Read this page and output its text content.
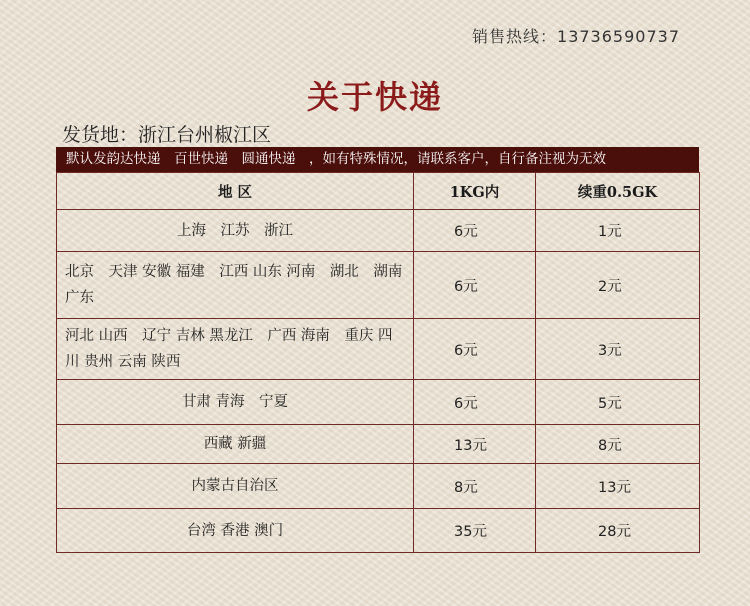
销售热线：13736590737
关于快递
发货地：浙江台州椒江区
默认发韵达快递　百世快递　圆通快递　，如有特殊情况，请联系客户，自行备注视为无效
地 区	1KG内	续重0.5GK
上海　江苏　浙江	6元	1元
北京　天津 安徽 福建　江西 山东 河南　湖北　湖南 广东	6元	2元
河北 山西　辽宁 吉林 黑龙江　广西 海南　重庆 四川 贵州 云南 陕西	6元	3元
甘肃 青海　宁夏	6元	5元
西藏 新疆	13元	8元
内蒙古自治区	8元	13元
台湾 香港 澳门	35元	28元
